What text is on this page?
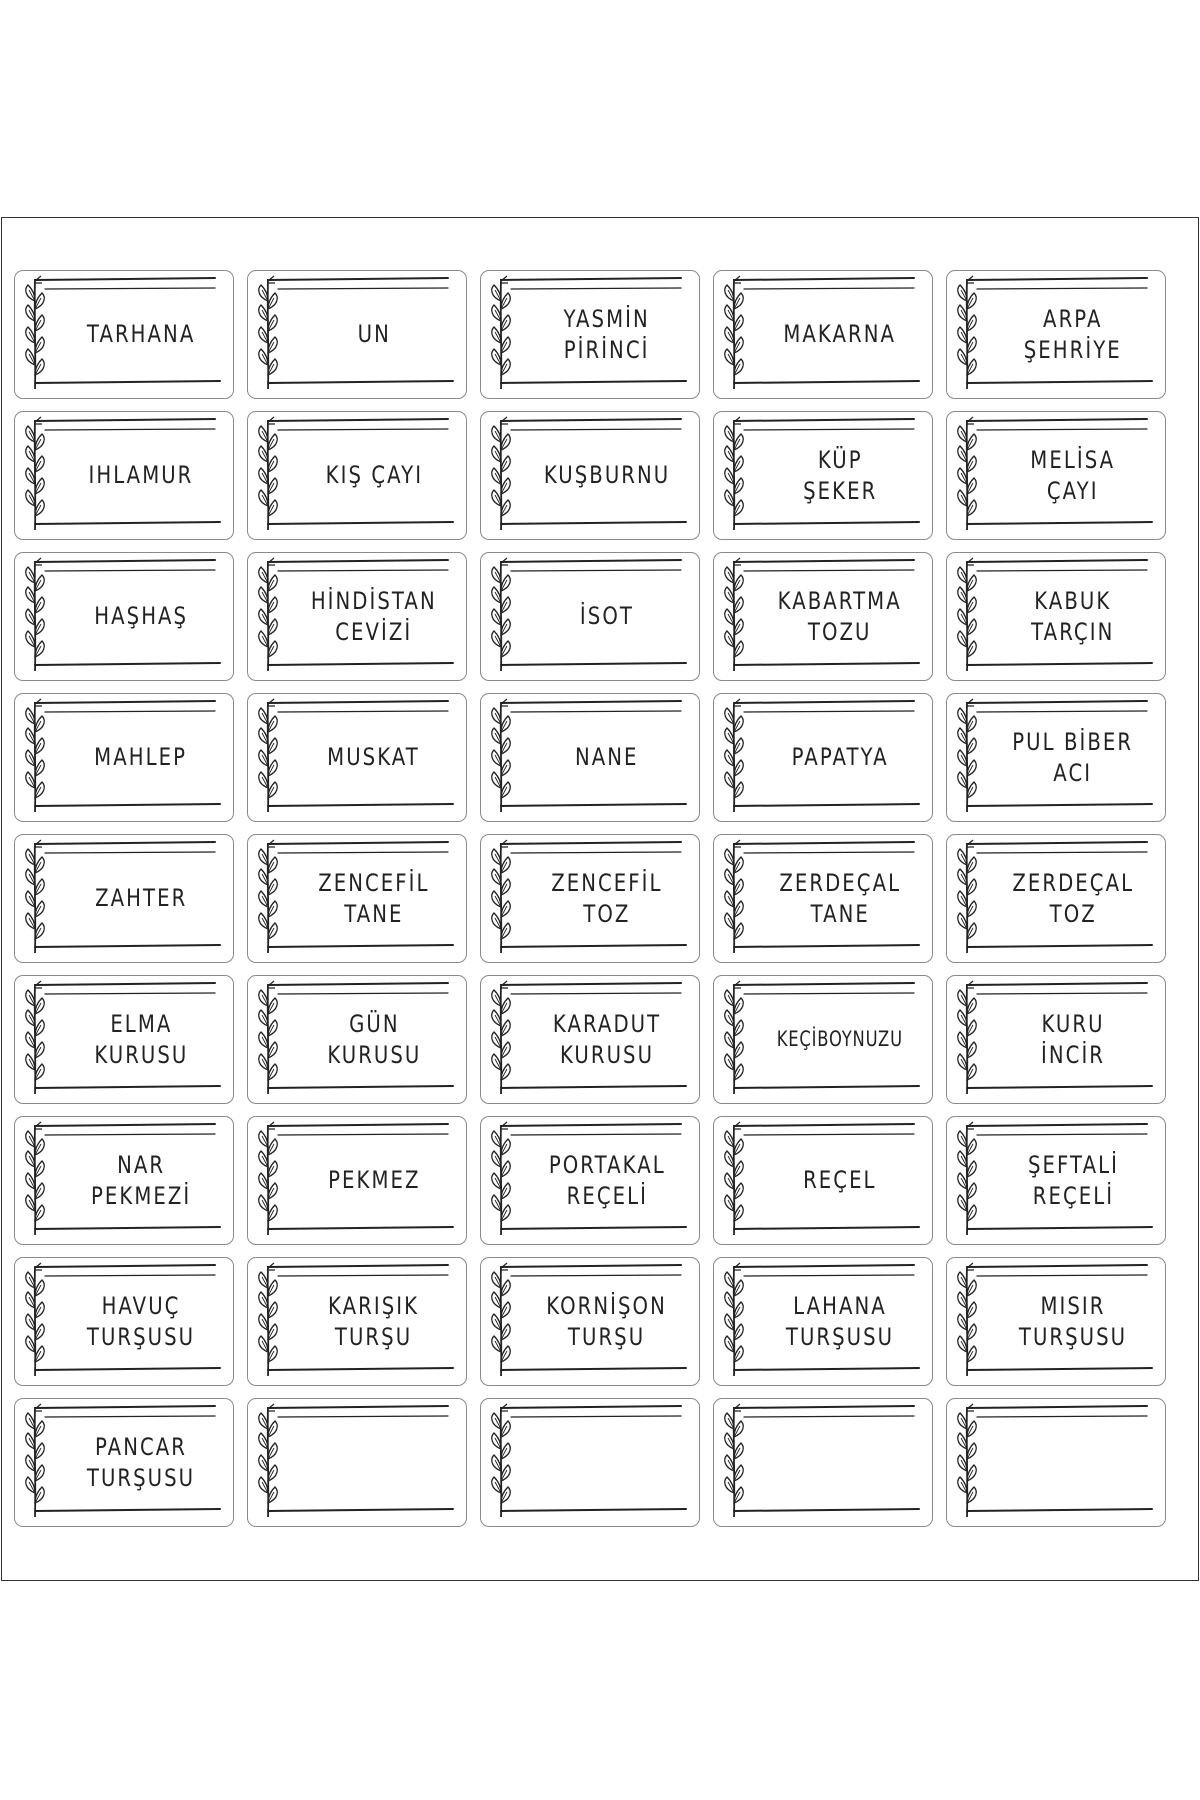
TARHANA	UN
YASMİN
PİRİNCİ
MAKARNA
ARPA
ŞEHRİYE
IHLAMUR	KIŞ ÇAYI	KUŞBURNU
KÜP
ŞEKER
MELİSA
ÇAYI
HAŞHAŞ
HİNDİSTAN
CEVİZİ
İSOT
KABARTMA
TOZU
KABUK
TARÇIN
MAHLEP	MUSKAT	NANE	PAPATYA
PUL BİBER
ACI
ZAHTER
ZENCEFİL
TANE
ZENCEFİL
TOZ
ZERDEÇAL
TANE
ZERDEÇAL
TOZ
ELMA
KURUSU
GÜN
KURUSU
KARADUT
KURUSU
KEÇİBOYNUZU
KURU
İNCİR
NAR
PEKMEZİ
PEKMEZ
PORTAKAL
REÇELİ
REÇEL
ŞEFTALİ
REÇELİ
HAVUÇ
TURŞUSU
KARIŞIK
TURŞU
KORNİŞON
TURŞU
LAHANA
TURŞUSU
MISIR
TURŞUSU
PANCAR
TURŞUSU
